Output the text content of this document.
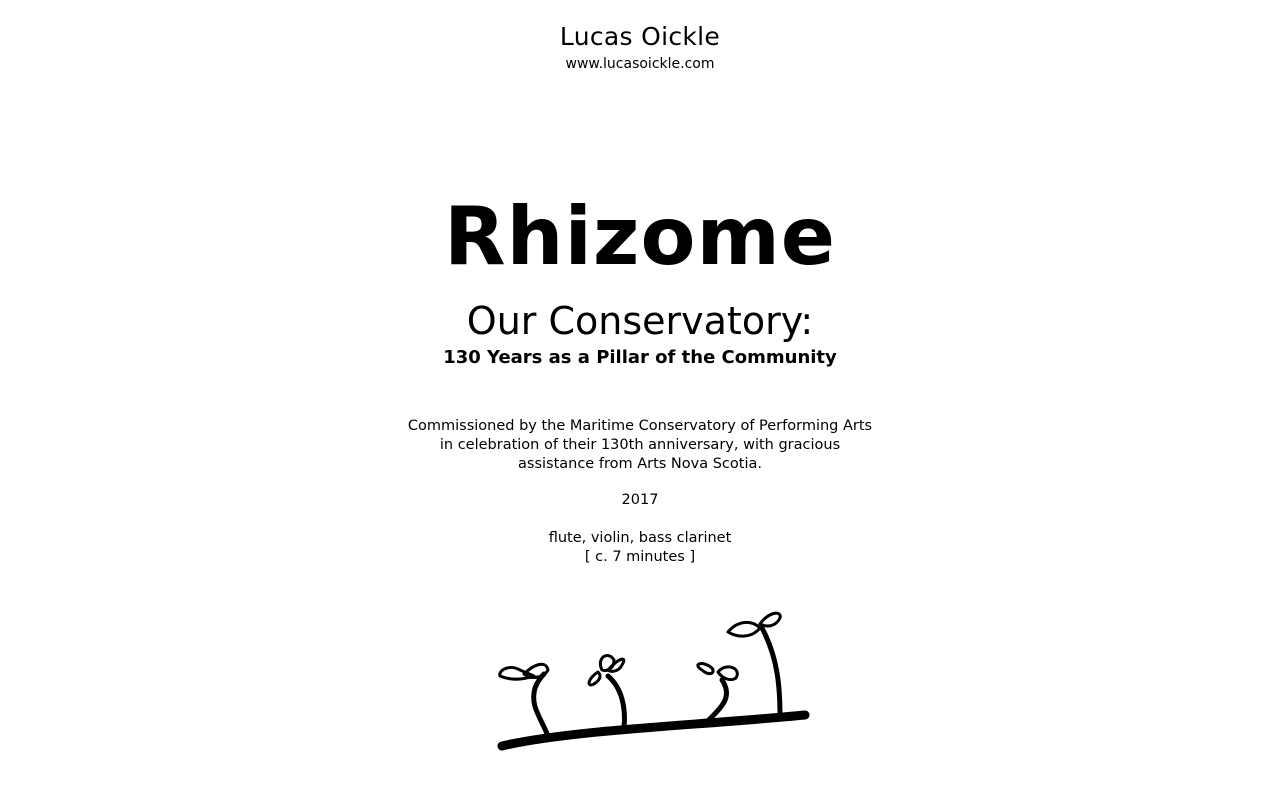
Lucas Oickle
www.lucasoickle.com
Rhizome
Our Conservatory:
130 Years as a Pillar of the Community
Commissioned by the Maritime Conservatory of Performing Arts
in celebration of their 130th anniversary, with gracious
assistance from Arts Nova Scotia.
2017
flute, violin, bass clarinet
[ c. 7 minutes ]
